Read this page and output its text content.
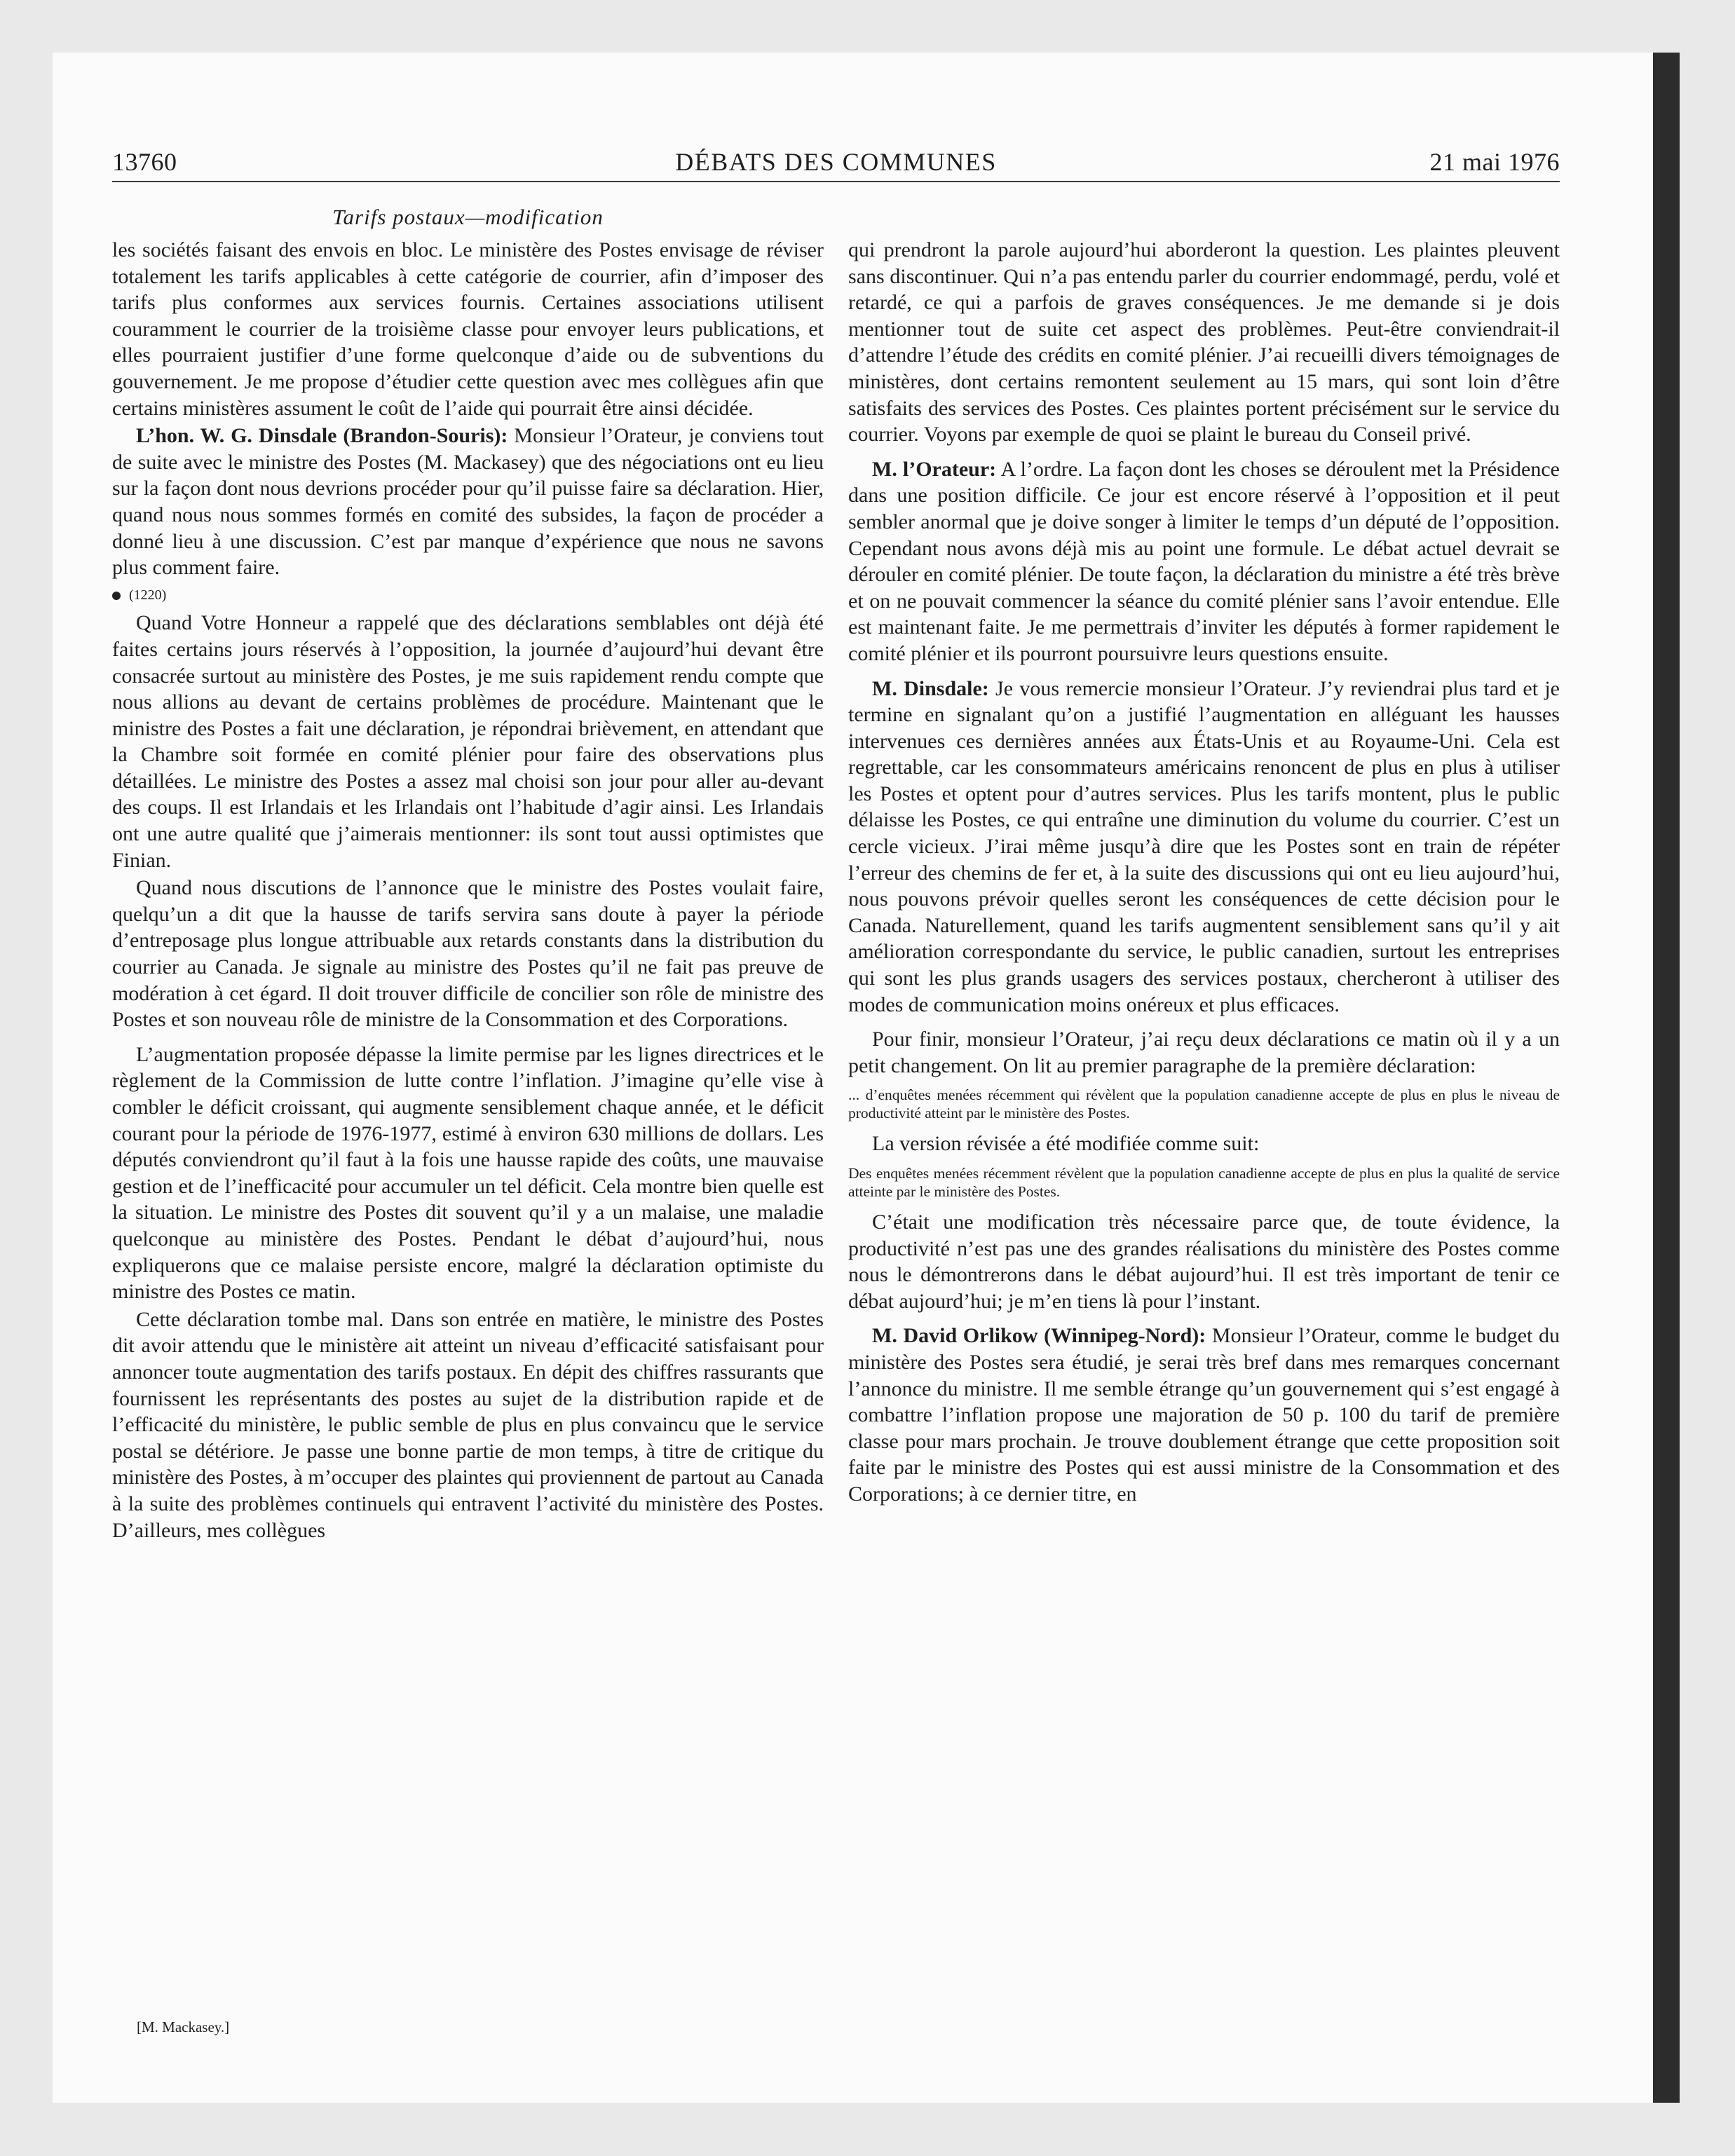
13760	DÉBATS DES COMMUNES	21 mai 1976
Tarifs postaux—modification

les sociétés faisant des envois en bloc. Le ministère des Postes envisage de réviser totalement les tarifs applicables à cette catégorie de courrier, afin d’imposer des tarifs plus conformes aux services fournis. Certaines associations utilisent couramment le courrier de la troisième classe pour envoyer leurs publications, et elles pourraient justifier d’une forme quelconque d’aide ou de subventions du gouvernement. Je me propose d’étudier cette question avec mes collègues afin que certains ministères assument le coût de l’aide qui pourrait être ainsi décidée.

L’hon. W. G. Dinsdale (Brandon-Souris): Monsieur l’Orateur, je conviens tout de suite avec le ministre des Postes (M. Mackasey) que des négociations ont eu lieu sur la façon dont nous devrions procéder pour qu’il puisse faire sa déclaration. Hier, quand nous nous sommes formés en comité des subsides, la façon de procéder a donné lieu à une discussion. C’est par manque d’expérience que nous ne savons plus comment faire.

(1220)

Quand Votre Honneur a rappelé que des déclarations semblables ont déjà été faites certains jours réservés à l’opposition, la journée d’aujourd’hui devant être consacrée surtout au ministère des Postes, je me suis rapidement rendu compte que nous allions au devant de certains problèmes de procédure. Maintenant que le ministre des Postes a fait une déclaration, je répondrai brièvement, en attendant que la Chambre soit formée en comité plénier pour faire des observations plus détaillées. Le ministre des Postes a assez mal choisi son jour pour aller au-devant des coups. Il est Irlandais et les Irlandais ont l’habitude d’agir ainsi. Les Irlandais ont une autre qualité que j’aimerais mentionner: ils sont tout aussi optimistes que Finian.

Quand nous discutions de l’annonce que le ministre des Postes voulait faire, quelqu’un a dit que la hausse de tarifs servira sans doute à payer la période d’entreposage plus longue attribuable aux retards constants dans la distribution du courrier au Canada. Je signale au ministre des Postes qu’il ne fait pas preuve de modération à cet égard. Il doit trouver difficile de concilier son rôle de ministre des Postes et son nouveau rôle de ministre de la Consommation et des Corporations.

L’augmentation proposée dépasse la limite permise par les lignes directrices et le règlement de la Commission de lutte contre l’inflation. J’imagine qu’elle vise à combler le déficit croissant, qui augmente sensiblement chaque année, et le déficit courant pour la période de 1976-1977, estimé à environ 630 millions de dollars. Les députés conviendront qu’il faut à la fois une hausse rapide des coûts, une mauvaise gestion et de l’inefficacité pour accumuler un tel déficit. Cela montre bien quelle est la situation. Le ministre des Postes dit souvent qu’il y a un malaise, une maladie quelconque au ministère des Postes. Pendant le débat d’aujourd’hui, nous expliquerons que ce malaise persiste encore, malgré la déclaration optimiste du ministre des Postes ce matin.

Cette déclaration tombe mal. Dans son entrée en matière, le ministre des Postes dit avoir attendu que le ministère ait atteint un niveau d’efficacité satisfaisant pour annoncer toute augmentation des tarifs postaux. En dépit des chiffres rassurants que fournissent les représentants des postes au sujet de la distribution rapide et de l’efficacité du ministère, le public semble de plus en plus convaincu que le service postal se détériore. Je passe une bonne partie de mon temps, à titre de critique du ministère des Postes, à m’occuper des plaintes qui proviennent de partout au Canada à la suite des problèmes continuels qui entravent l’activité du ministère des Postes. D’ailleurs, mes collègues

qui prendront la parole aujourd’hui aborderont la question. Les plaintes pleuvent sans discontinuer. Qui n’a pas entendu parler du courrier endommagé, perdu, volé et retardé, ce qui a parfois de graves conséquences. Je me demande si je dois mentionner tout de suite cet aspect des problèmes. Peut-être conviendrait-il d’attendre l’étude des crédits en comité plénier. J’ai recueilli divers témoignages de ministères, dont certains remontent seulement au 15 mars, qui sont loin d’être satisfaits des services des Postes. Ces plaintes portent précisément sur le service du courrier. Voyons par exemple de quoi se plaint le bureau du Conseil privé.

M. l’Orateur: A l’ordre. La façon dont les choses se déroulent met la Présidence dans une position difficile. Ce jour est encore réservé à l’opposition et il peut sembler anormal que je doive songer à limiter le temps d’un député de l’opposition. Cependant nous avons déjà mis au point une formule. Le débat actuel devrait se dérouler en comité plénier. De toute façon, la déclaration du ministre a été très brève et on ne pouvait commencer la séance du comité plénier sans l’avoir entendue. Elle est maintenant faite. Je me permettrais d’inviter les députés à former rapidement le comité plénier et ils pourront poursuivre leurs questions ensuite.

M. Dinsdale: Je vous remercie monsieur l’Orateur. J’y reviendrai plus tard et je termine en signalant qu’on a justifié l’augmentation en alléguant les hausses intervenues ces dernières années aux États-Unis et au Royaume-Uni. Cela est regrettable, car les consommateurs américains renoncent de plus en plus à utiliser les Postes et optent pour d’autres services. Plus les tarifs montent, plus le public délaisse les Postes, ce qui entraîne une diminution du volume du courrier. C’est un cercle vicieux. J’irai même jusqu’à dire que les Postes sont en train de répéter l’erreur des chemins de fer et, à la suite des discussions qui ont eu lieu aujourd’hui, nous pouvons prévoir quelles seront les conséquences de cette décision pour le Canada. Naturellement, quand les tarifs augmentent sensiblement sans qu’il y ait amélioration correspondante du service, le public canadien, surtout les entreprises qui sont les plus grands usagers des services postaux, chercheront à utiliser des modes de communication moins onéreux et plus efficaces.

Pour finir, monsieur l’Orateur, j’ai reçu deux déclarations ce matin où il y a un petit changement. On lit au premier paragraphe de la première déclaration:

... d’enquêtes menées récemment qui révèlent que la population canadienne accepte de plus en plus le niveau de productivité atteint par le ministère des Postes.

La version révisée a été modifiée comme suit:

Des enquêtes menées récemment révèlent que la population canadienne accepte de plus en plus la qualité de service atteinte par le ministère des Postes.

C’était une modification très nécessaire parce que, de toute évidence, la productivité n’est pas une des grandes réalisations du ministère des Postes comme nous le démontrerons dans le débat aujourd’hui. Il est très important de tenir ce débat aujourd’hui; je m’en tiens là pour l’instant.

M. David Orlikow (Winnipeg-Nord): Monsieur l’Orateur, comme le budget du ministère des Postes sera étudié, je serai très bref dans mes remarques concernant l’annonce du ministre. Il me semble étrange qu’un gouvernement qui s’est engagé à combattre l’inflation propose une majoration de 50 p. 100 du tarif de première classe pour mars prochain. Je trouve doublement étrange que cette proposition soit faite par le ministre des Postes qui est aussi ministre de la Consommation et des Corporations; à ce dernier titre, en

[M. Mackasey.]
